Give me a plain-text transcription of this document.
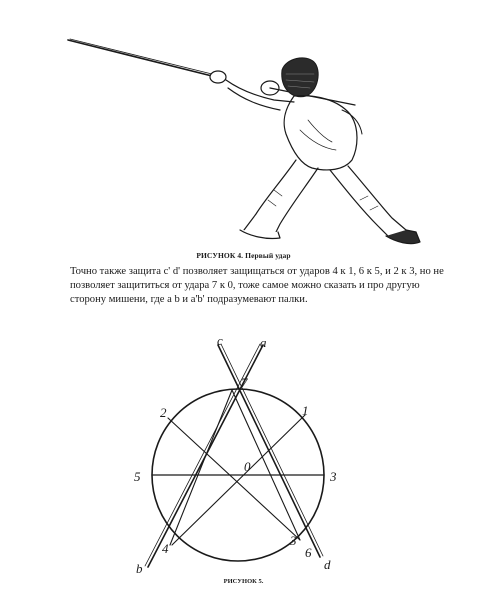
РИСУНОК 4. Первый удар
Точно также защита c' d' позволяет защищаться от ударов 4 к 1, 6 к 5, и 2 к 3, но не позволяет защититься от удара 7 к 0, тоже самое можно сказать и про другую сторону мишени, где a b и a'b' подразумевают палки.
c	a
7
2	1
5
0
3
6
4
3
b	d
РИСУНОК 5.
